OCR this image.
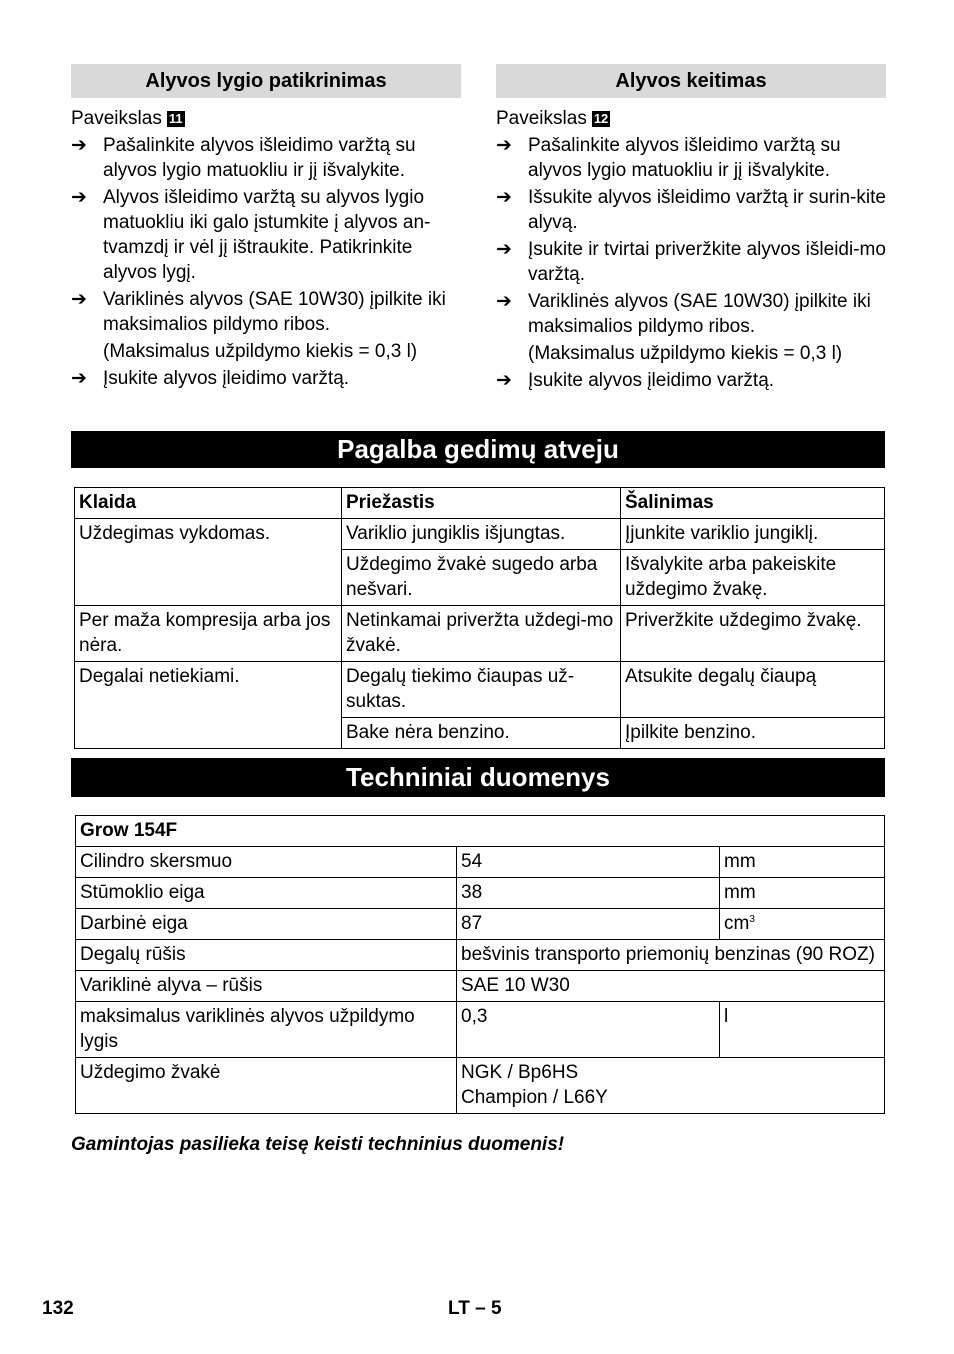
Alyvos lygio patikrinimas
Paveikslas 11
➔ Pašalinkite alyvos išleidimo varžtą su alyvos lygio matuokliu ir jį išvalykite.
➔ Alyvos išleidimo varžtą su alyvos lygio matuokliu iki galo įstumkite į alyvos an-tvamzdį ir vėl jį ištraukite. Patikrinkite alyvos lygį.
➔ Variklinės alyvos (SAE 10W30) įpilkite iki maksimalios pildymo ribos.
(Maksimalus užpildymo kiekis = 0,3 l)
➔ Įsukite alyvos įleidimo varžtą.
Alyvos keitimas
Paveikslas 12
➔ Pašalinkite alyvos išleidimo varžtą su alyvos lygio matuokliu ir jį išvalykite.
➔ Išsukite alyvos išleidimo varžtą ir surin-kite alyvą.
➔ Įsukite ir tvirtai priveržkite alyvos išleidi-mo varžtą.
➔ Variklinės alyvos (SAE 10W30) įpilkite iki maksimalios pildymo ribos.
(Maksimalus užpildymo kiekis = 0,3 l)
➔ Įsukite alyvos įleidimo varžtą.
Pagalba gedimų atveju
Klaida	Priežastis	Šalinimas
Uždegimas vykdomas.	Variklio jungiklis išjungtas.	Įjunkite variklio jungiklį.
	Uždegimo žvakė sugedo arba nešvari.	Išvalykite arba pakeiskite uždegimo žvakę.
Per maža kompresija arba jos nėra.	Netinkamai priveržta uždegi-mo žvakė.	Priveržkite uždegimo žvakę.
Degalai netiekiami.	Degalų tiekimo čiaupas už-suktas.	Atsukite degalų čiaupą
	Bake nėra benzino.	Įpilkite benzino.
Techniniai duomenys
Grow 154F		
Cilindro skersmuo	54	mm
Stūmoklio eiga	38	mm
Darbinė eiga	87	$cm^3$
Degalų rūšis	bešvinis transporto priemonių benzinas (90 ROZ)	
Variklinė alyva – rūšis	SAE 10 W30	
maksimalus variklinės alyvos užpildymo lygis	0,3	l
Uždegimo žvakė	NGK / Bp6HS
Champion / L66Y	
Gamintojas pasilieka teisę keisti techninius duomenis!
132	LT – 5
